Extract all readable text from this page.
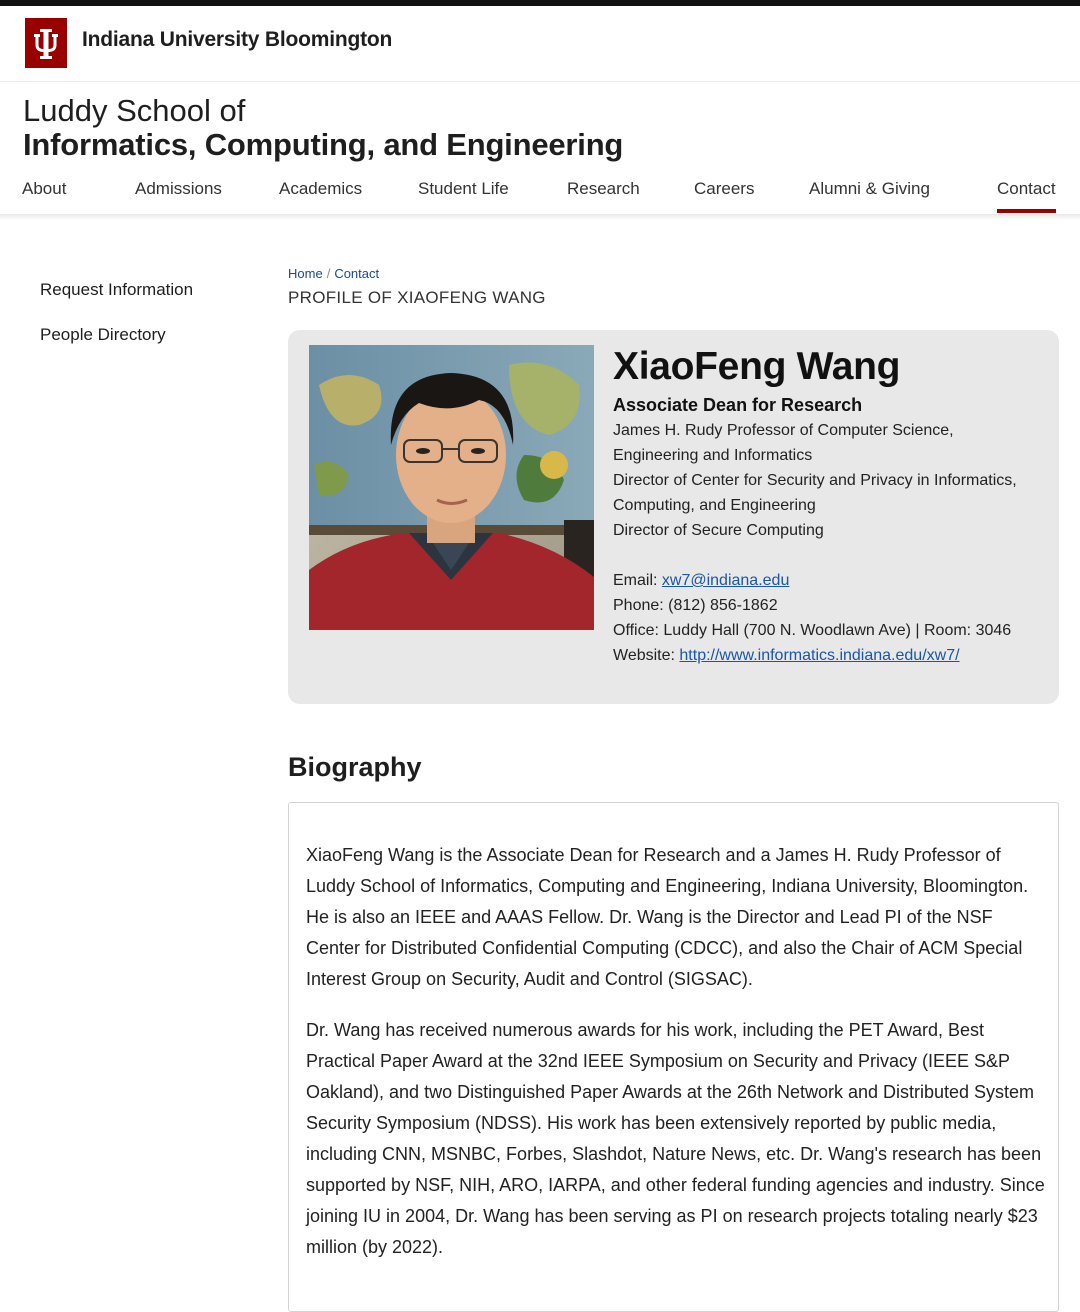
Indiana University Bloomington
Luddy School of
Informatics, Computing, and Engineering
About	Admissions	Academics	Student Life	Research	Careers	Alumni & Giving	Contact
Request Information
People Directory
Home / Contact
PROFILE OF XIAOFENG WANG
XiaoFeng Wang
Associate Dean for Research
James H. Rudy Professor of Computer Science, Engineering and Informatics
Director of Center for Security and Privacy in Informatics, Computing, and Engineering
Director of Secure Computing
Email: xw7@indiana.edu
Phone: (812) 856-1862
Office: Luddy Hall (700 N. Woodlawn Ave) | Room: 3046
Website: http://www.informatics.indiana.edu/xw7/
Biography
XiaoFeng Wang is the Associate Dean for Research and a James H. Rudy Professor of Luddy School of Informatics, Computing and Engineering, Indiana University, Bloomington. He is also an IEEE and AAAS Fellow. Dr. Wang is the Director and Lead PI of the NSF Center for Distributed Confidential Computing (CDCC), and also the Chair of ACM Special Interest Group on Security, Audit and Control (SIGSAC).
Dr. Wang has received numerous awards for his work, including the PET Award, Best Practical Paper Award at the 32nd IEEE Symposium on Security and Privacy (IEEE S&P Oakland), and two Distinguished Paper Awards at the 26th Network and Distributed System Security Symposium (NDSS). His work has been extensively reported by public media, including CNN, MSNBC, Forbes, Slashdot, Nature News, etc. Dr. Wang's research has been supported by NSF, NIH, ARO, IARPA, and other federal funding agencies and industry. Since joining IU in 2004, Dr. Wang has been serving as PI on research projects totaling nearly $23 million (by 2022).
